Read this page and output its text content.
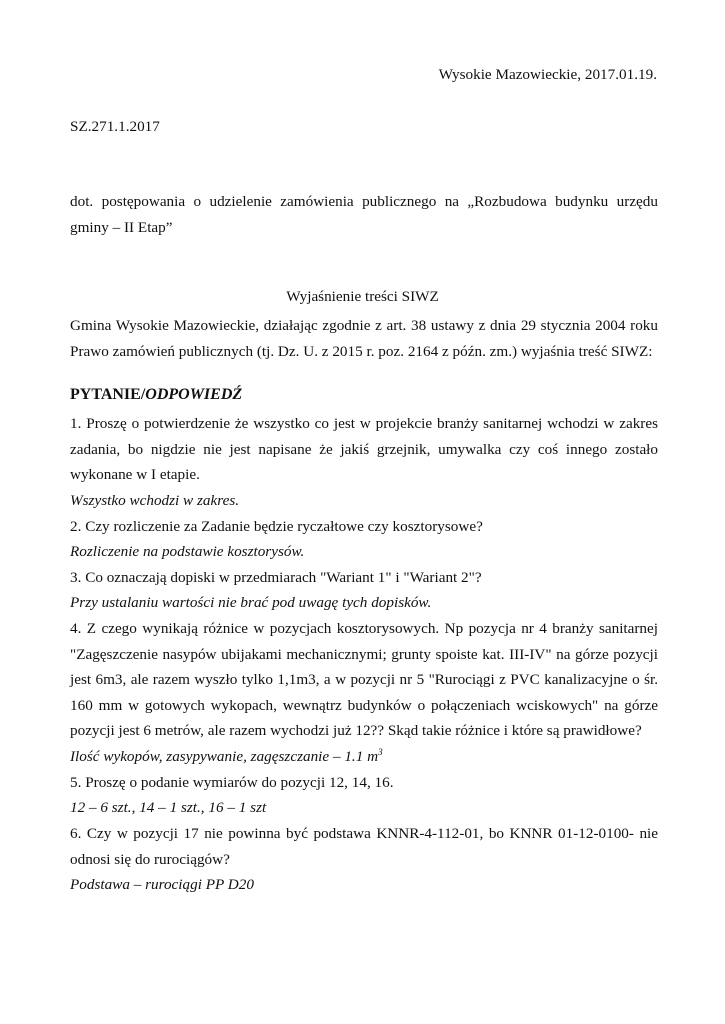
Wysokie Mazowieckie, 2017.01.19.
SZ.271.1.2017
dot. postępowania o udzielenie zamówienia publicznego na „Rozbudowa budynku urzędu gminy – II Etap”
Wyjaśnienie treści SIWZ
Gmina Wysokie Mazowieckie, działając zgodnie z art. 38 ustawy z dnia 29 stycznia 2004 roku Prawo zamówień publicznych (tj. Dz. U. z 2015 r. poz. 2164 z późn. zm.) wyjaśnia treść SIWZ:
PYTANIE/ODPOWIEDŹ
1. Proszę o potwierdzenie że wszystko co jest w projekcie branży sanitarnej wchodzi w zakres zadania, bo nigdzie nie jest napisane że jakiś grzejnik, umywalka czy coś innego zostało wykonane w I etapie.
Wszystko wchodzi w zakres.
2. Czy rozliczenie za Zadanie będzie ryczałtowe czy kosztorysowe?
Rozliczenie na podstawie kosztorysów.
3. Co oznaczają dopiski w przedmiarach "Wariant 1" i "Wariant 2"?
Przy ustalaniu wartości nie brać pod uwagę tych dopisków.
4. Z czego wynikają różnice w pozycjach kosztorysowych. Np pozycja nr 4 branży sanitarnej "Zagęszczenie nasypów ubijakami mechanicznymi; grunty spoiste kat. III-IV" na górze pozycji jest 6m3, ale razem wyszło tylko 1,1m3, a w pozycji nr 5 "Rurociągi z PVC kanalizacyjne o śr. 160 mm w gotowych wykopach, wewnątrz budynków o połączeniach wciskowych" na górze pozycji jest 6 metrów, ale razem wychodzi już 12?? Skąd takie różnice i które są prawidłowe?
Ilość wykopów, zasypywanie, zagęszczanie – 1.1 $m^3$
5. Proszę o podanie wymiarów do pozycji 12, 14, 16.
12 – 6 szt., 14 – 1 szt., 16 – 1 szt
6. Czy w pozycji 17 nie powinna być podstawa KNNR-4-112-01, bo KNNR 01-12-0100- nie odnosi się do rurociągów?
Podstawa – rurociągi PP D20
